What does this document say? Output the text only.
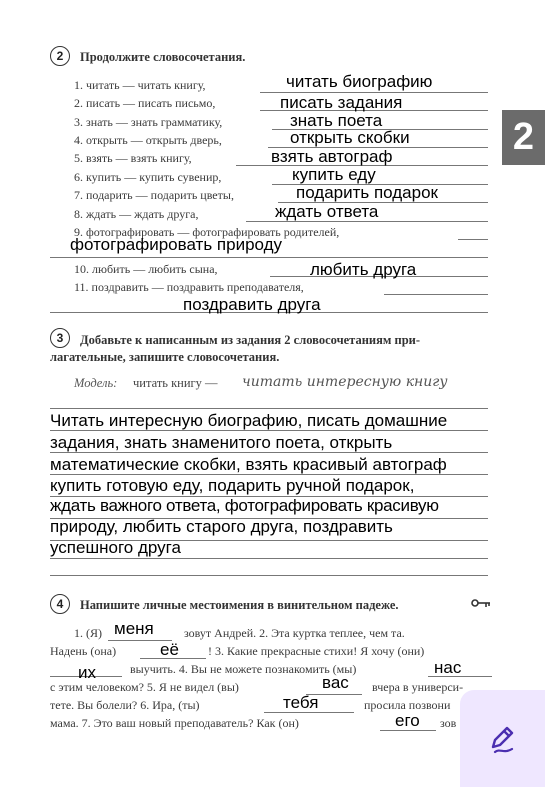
2
2	Продолжите словосочетания.
1. читать — читать книгу,	читать биографию
2. писать — писать письмо,	писать задания
3. знать — знать грамматику,	знать поета
4. открыть — открыть дверь,	открыть скобки
5. взять — взять книгу,	взять автограф
6. купить — купить сувенир,	купить еду
7. подарить — подарить цветы,	подарить подарок
8. ждать — ждать друга,	ждать ответа
9. фотографировать — фотографировать родителей,
фотографировать природу
10. любить — любить сына,	любить друга
11. поздравить — поздравить преподавателя,
поздравить друга
3	Добавьте к написанным из задания 2 словосочетаниям при-
лагательные, запишите словосочетания.
Модель: читать книгу — читать интересную книгу
Читать интересную биографию, писать домашние
задания, знать знаменитого поета, открыть
математические скобки, взять красивый автограф
купить готовую еду, подарить ручной подарок,
ждать важного ответа, фотографировать красивую
природу, любить старого друга, поздравить
успешного друга
4	Напишите личные местоимения в винительном падеже.
1. (Я) меня	зовут Андрей. 2. Эта куртка теплее, чем та.
Надень (она)	её ! 3. Какие прекрасные стихи! Я хочу (они)
их	выучить. 4. Вы не можете познакомить (мы)	нас
с этим человеком? 5. Я не видел (вы)	вас вчера в универси-
тете. Вы болели? 6. Ира, (ты)	тебя	просила позвони
мама. 7. Это ваш новый преподаватель? Как (он)	его зов
